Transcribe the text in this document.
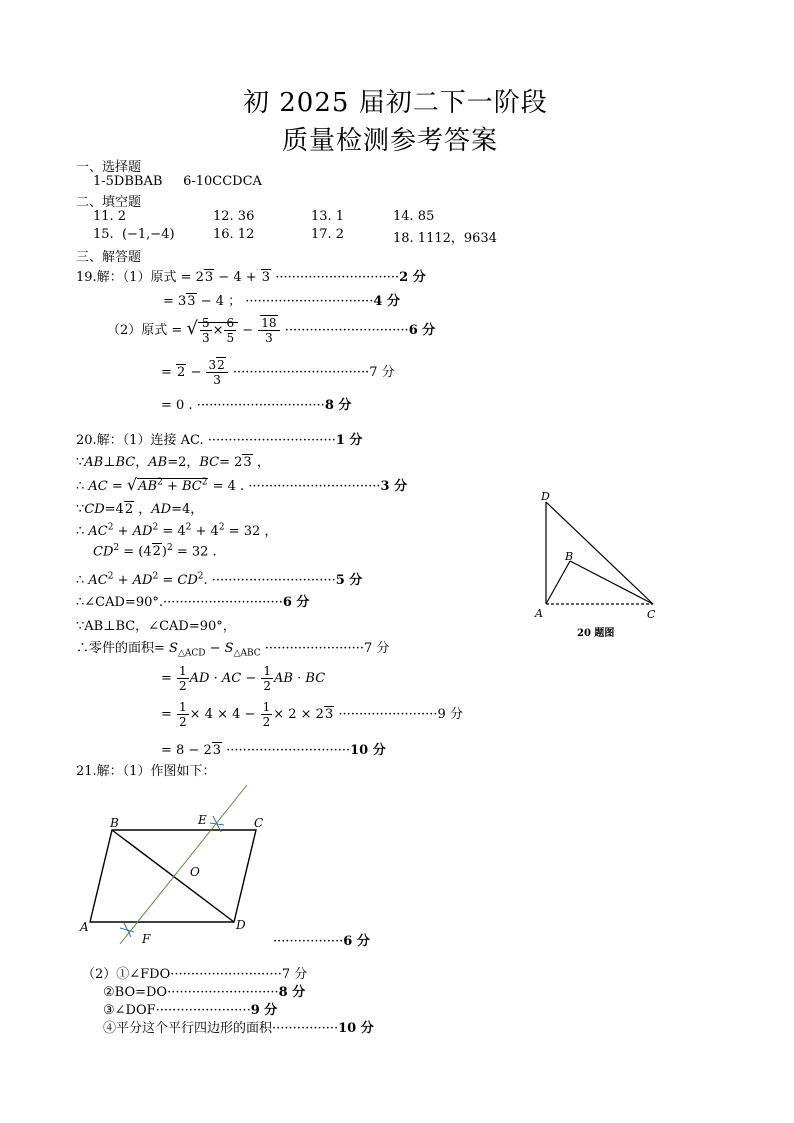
初 2025 届初二下一阶段
质量检测参考答案
一、选择题
1-5DBBAB     6-10CCDCA
二、填空题
11. 2	12. 36	13. 1	14. 85
15.  (−1,−4)	16. 12	17. 2	18. 1112，9634
三、解答题
19.解：（1）原式 = 23 − 4 + 3 ······························2 分
= 33 − 4 ； ·······························4 分
（2）原式 = √ $\frac{5}{3} \times \frac{6}{5} - \frac{18}{3} \cdot\cdot\cdot\cdot\cdot\cdot\cdot\cdot\cdot\cdot\cdot\cdot\cdot\cdot\cdot\cdot\cdot\cdot\cdot\cdot\cdot\cdot\cdot\cdot\cdot\cdot\cdot\cdot\cdot\cdot 6$ 分
= $2 - \frac{32}{3} \cdot\cdot\cdot\cdot\cdot\cdot\cdot\cdot\cdot\cdot\cdot\cdot\cdot\cdot\cdot\cdot\cdot\cdot\cdot\cdot\cdot\cdot\cdot\cdot\cdot\cdot\cdot\cdot\cdot\cdot\cdot\cdot\cdot 7$ 分
= 0 . ·······························8 分
20.解：（1）连接 AC. ·······························1 分
∵AB⊥BC，AB=2，BC= 23 ，
∴ AC = $√AB^2 + BC^2 = 4$ . ································3 分
∵CD=42 ，AD=4，
∴ $AC^2 + AD^2 = 4^2 + 4^2 = 32$ ，
$CD^2 = (42)^2 = 32$ .
∴ $AC^2 + AD^2 = CD^2$. ······························5 分
∴∠CAD=90°.·····························6 分
∵AB⊥BC，∠CAD=90°，
∴零件的面积= $S_{\triangle ACD} - S_{\triangle ABC} \cdot\cdot\cdot\cdot\cdot\cdot\cdot\cdot\cdot\cdot\cdot\cdot\cdot\cdot\cdot\cdot\cdot\cdot\cdot\cdot\cdot\cdot\cdot\cdot 7$ 分
= $\frac{1}{2}$ AD · AC − $\frac{1}{2}$ AB · BC
= $\frac{1}{2} \times 4 \times 4 - \frac{1}{2} \times 2 \times 23 \cdot\cdot\cdot\cdot\cdot\cdot\cdot\cdot\cdot\cdot\cdot\cdot\cdot\cdot\cdot\cdot\cdot\cdot\cdot\cdot\cdot\cdot\cdot\cdot 9$ 分
= 8 − 23 ······························10 分
D
B
A	C
20 题图
21.解：（1）作图如下：
B	E	C
O
A	D
F	·················6 分
（2）①∠FDO···························7 分
②BO=DO···························8 分
③∠DOF·······················9 分
④平分这个平行四边形的面积················10 分
